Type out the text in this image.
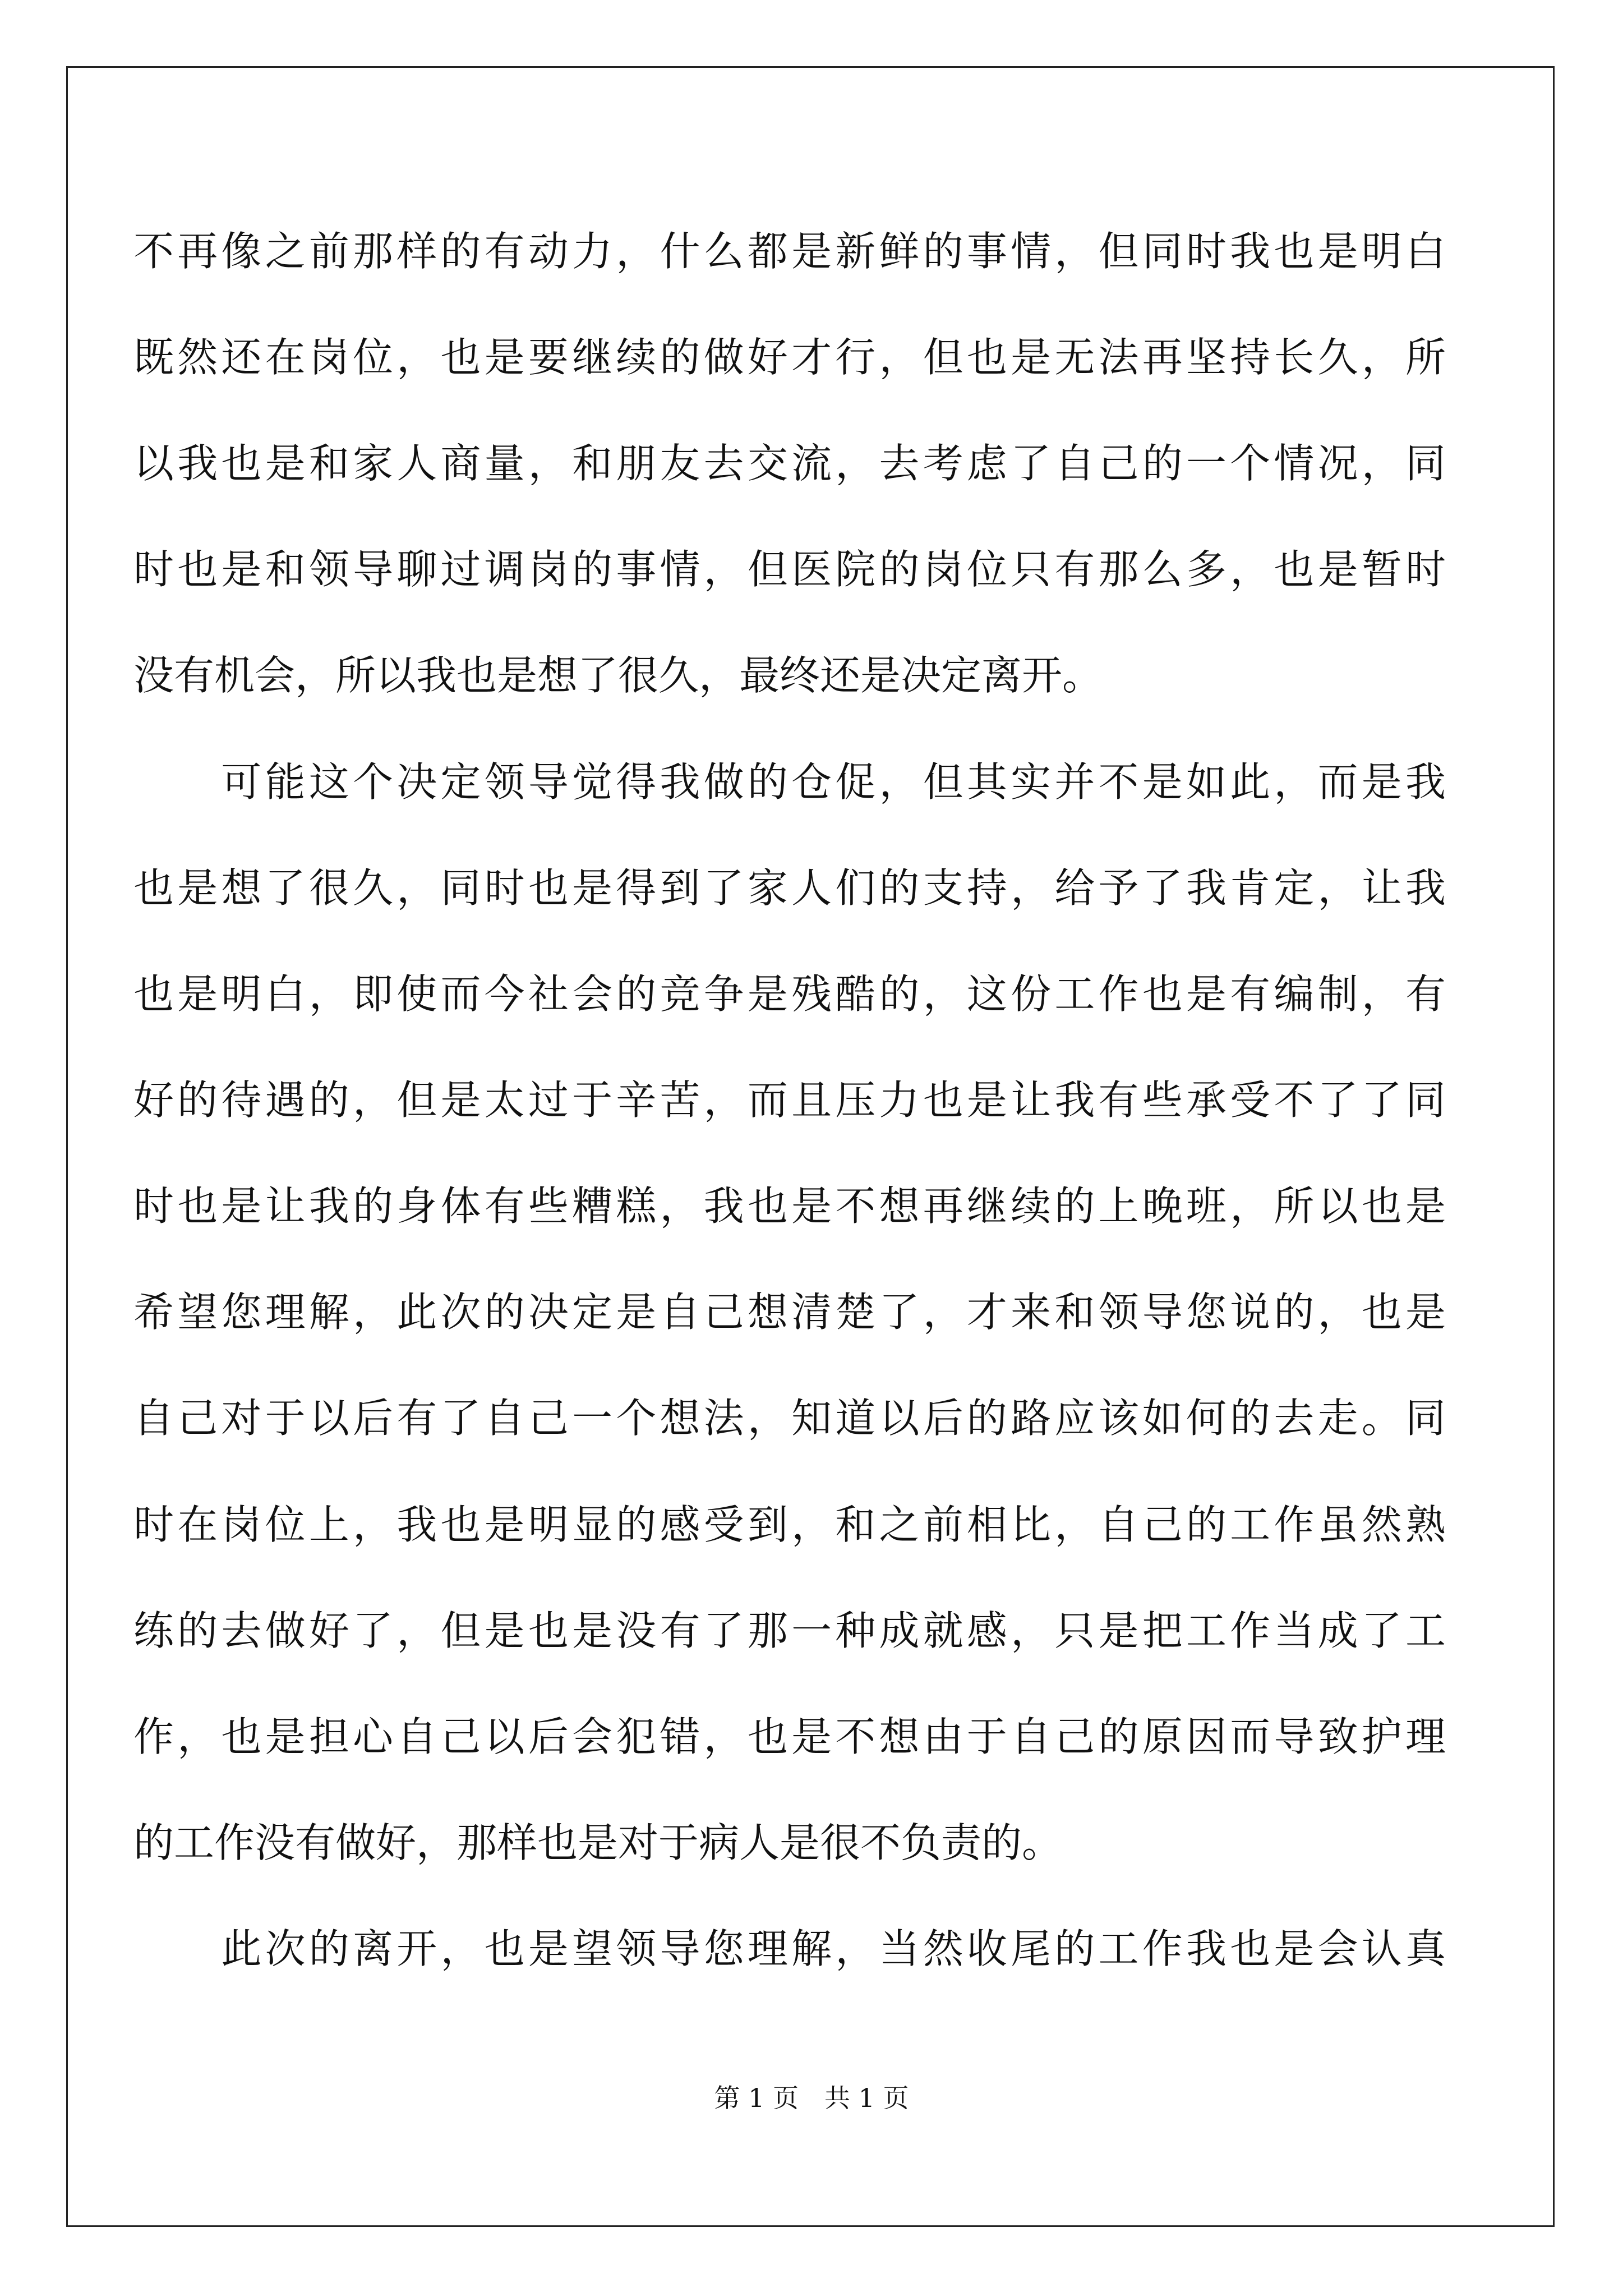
不再像之前那样的有动力，什么都是新鲜的事情，但同时我也是明白
既然还在岗位，也是要继续的做好才行，但也是无法再坚持长久，所
以我也是和家人商量，和朋友去交流，去考虑了自己的一个情况，同
时也是和领导聊过调岗的事情，但医院的岗位只有那么多，也是暂时
没有机会，所以我也是想了很久，最终还是决定离开。
　　可能这个决定领导觉得我做的仓促，但其实并不是如此，而是我
也是想了很久，同时也是得到了家人们的支持，给予了我肯定，让我
也是明白，即使而今社会的竞争是残酷的，这份工作也是有编制，有
好的待遇的，但是太过于辛苦，而且压力也是让我有些承受不了了同
时也是让我的身体有些糟糕，我也是不想再继续的上晚班，所以也是
希望您理解，此次的决定是自己想清楚了，才来和领导您说的，也是
自己对于以后有了自己一个想法，知道以后的路应该如何的去走。同
时在岗位上，我也是明显的感受到，和之前相比，自己的工作虽然熟
练的去做好了，但是也是没有了那一种成就感，只是把工作当成了工
作，也是担心自己以后会犯错，也是不想由于自己的原因而导致护理
的工作没有做好，那样也是对于病人是很不负责的。
　　此次的离开，也是望领导您理解，当然收尾的工作我也是会认真
第 1 页 共 1 页
